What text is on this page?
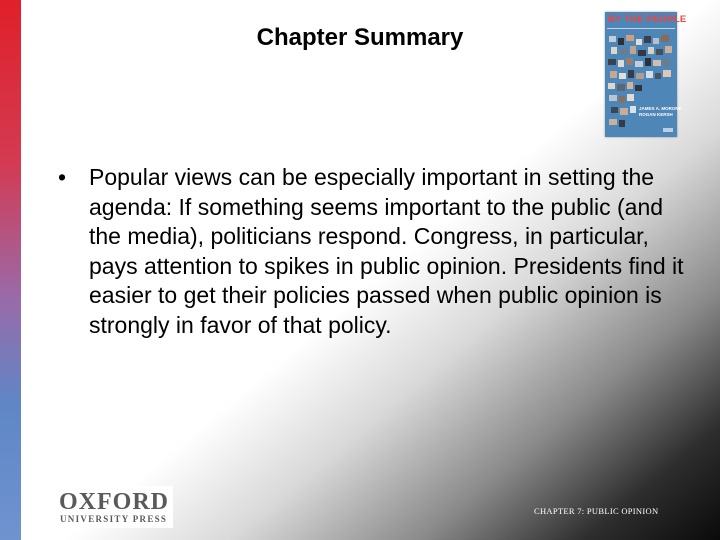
Chapter Summary
BY THE PEOPLE
JAMES A. MORONE
ROGAN KERSH
• Popular views can be especially important in setting the agenda: If something seems important to the public (and the media), politicians respond. Congress, in particular, pays attention to spikes in public opinion. Presidents find it easier to get their policies passed when public opinion is strongly in favor of that policy.
OXFORD
UNIVERSITY PRESS
CHAPTER 7: PUBLIC OPINION
